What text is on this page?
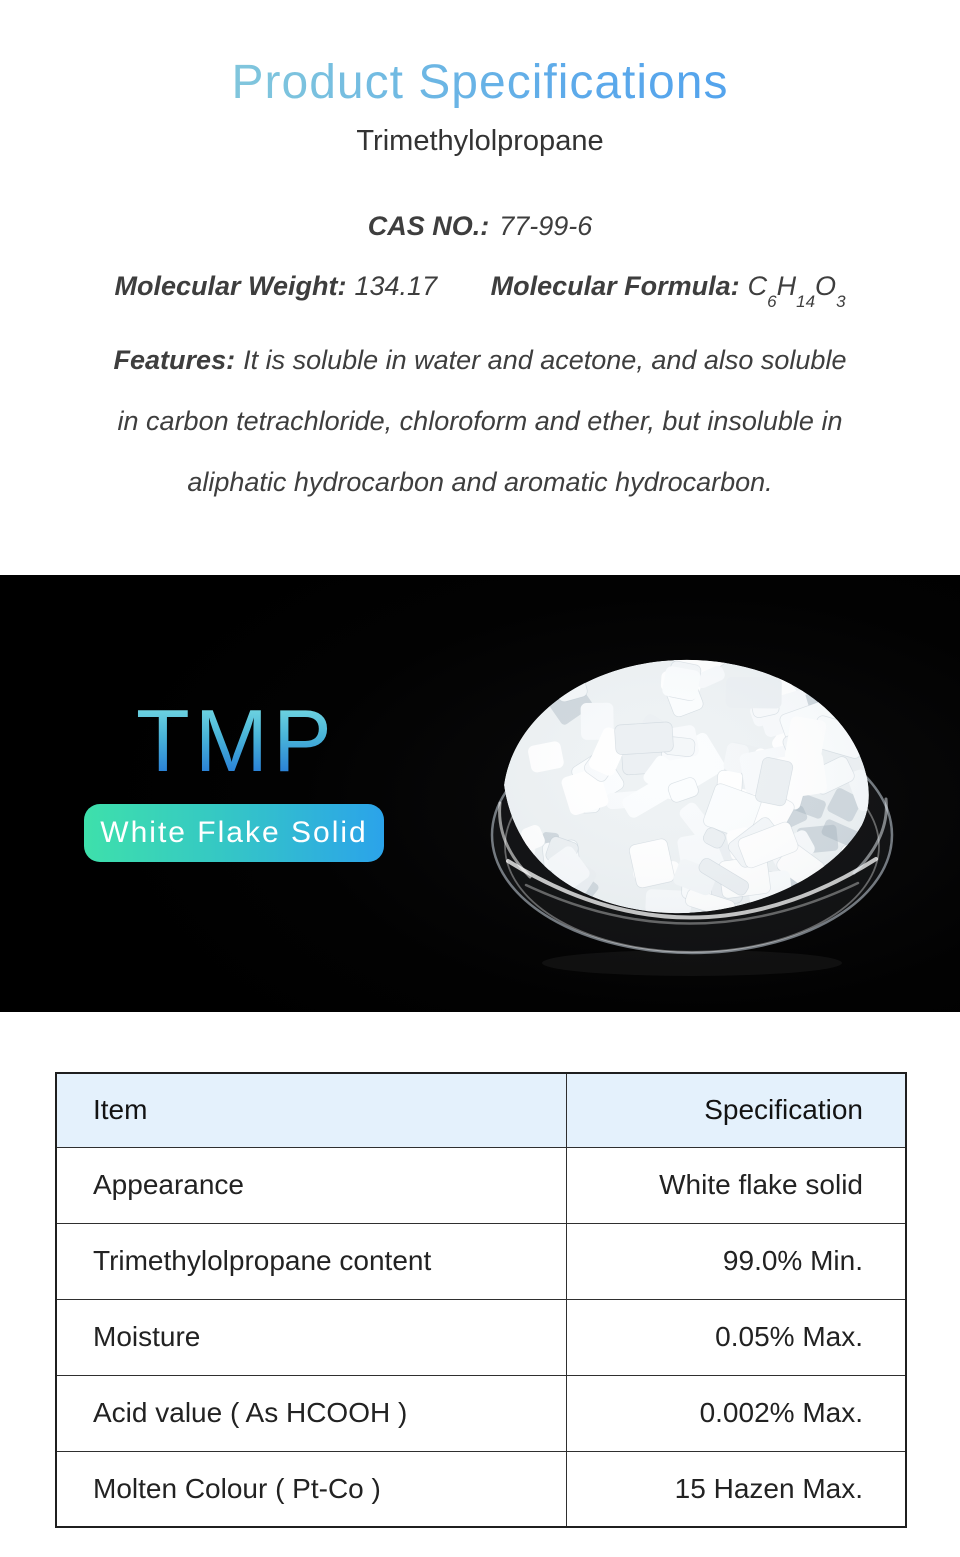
Product Specifications
Trimethylolpropane

CAS NO.: 77-99-6

Molecular Weight: 134.17 Molecular Formula: $C_6H_{14}O_3$

Features: It is soluble in water and acetone, and also soluble
in carbon tetrachloride, chloroform and ether, but insoluble in
aliphatic hydrocarbon and aromatic hydrocarbon.

TMP
White Flake Solid
Item	Specification
Appearance	White flake solid
Trimethylolpropane content	99.0% Min.
Moisture	0.05% Max.
Acid value ( As HCOOH )	0.002% Max.
Molten Colour ( Pt-Co )	15 Hazen Max.
